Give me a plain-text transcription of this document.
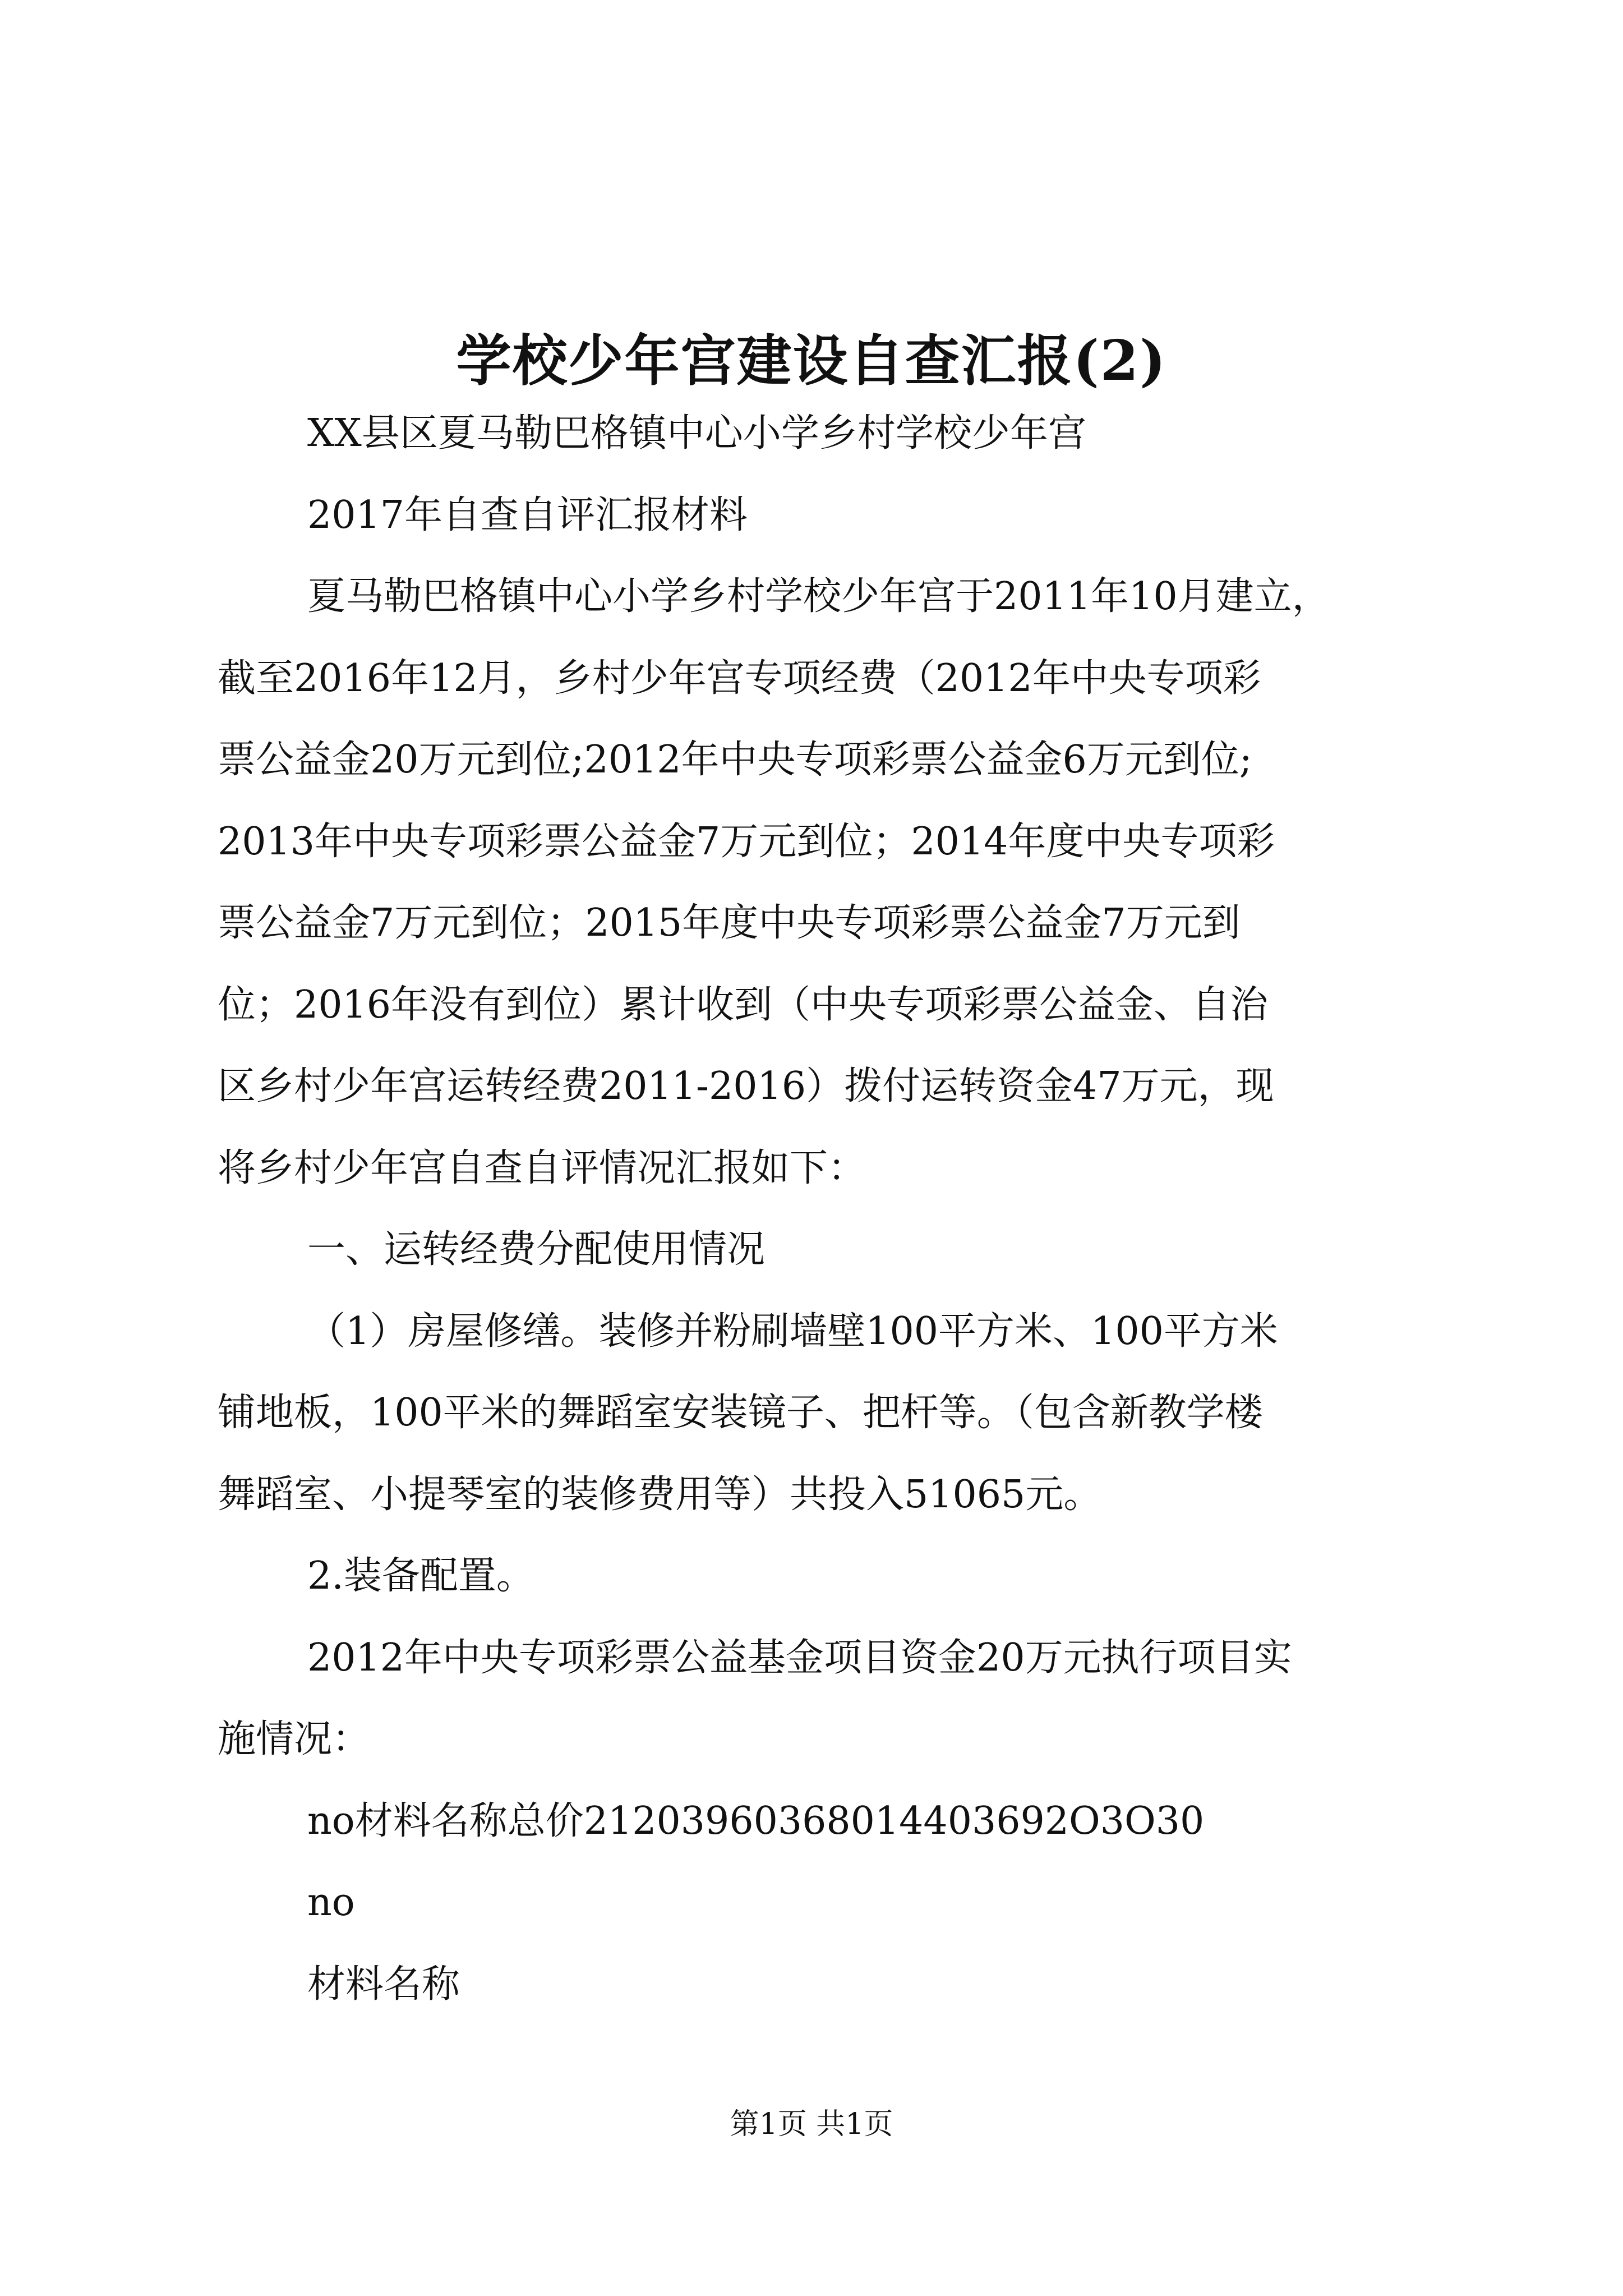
学校少年宫建设自查汇报(2)

XX县区夏马勒巴格镇中心小学乡村学校少年宫

2017年自查自评汇报材料

夏马勒巴格镇中心小学乡村学校少年宫于2011年10月建立，

截至2016年12月，乡村少年宫专项经费（2012年中央专项彩

票公益金20万元到位;2012年中央专项彩票公益金6万元到位;

2013年中央专项彩票公益金7万元到位；2014年度中央专项彩

票公益金7万元到位；2015年度中央专项彩票公益金7万元到

位；2016年没有到位）累计收到（中央专项彩票公益金、自治

区乡村少年宫运转经费2011-2016）拨付运转资金47万元，现

将乡村少年宫自查自评情况汇报如下：

一、运转经费分配使用情况

（1）房屋修缮。装修并粉刷墙壁100平方米、100平方米

铺地板，100平米的舞蹈室安装镜子、把杆等。（包含新教学楼

舞蹈室、小提琴室的装修费用等）共投入51065元。

2.装备配置。

2012年中央专项彩票公益基金项目资金20万元执行项目实

施情况：

no材料名称总价21203960368014403692O3O30

no

材料名称

第1页 共1页
